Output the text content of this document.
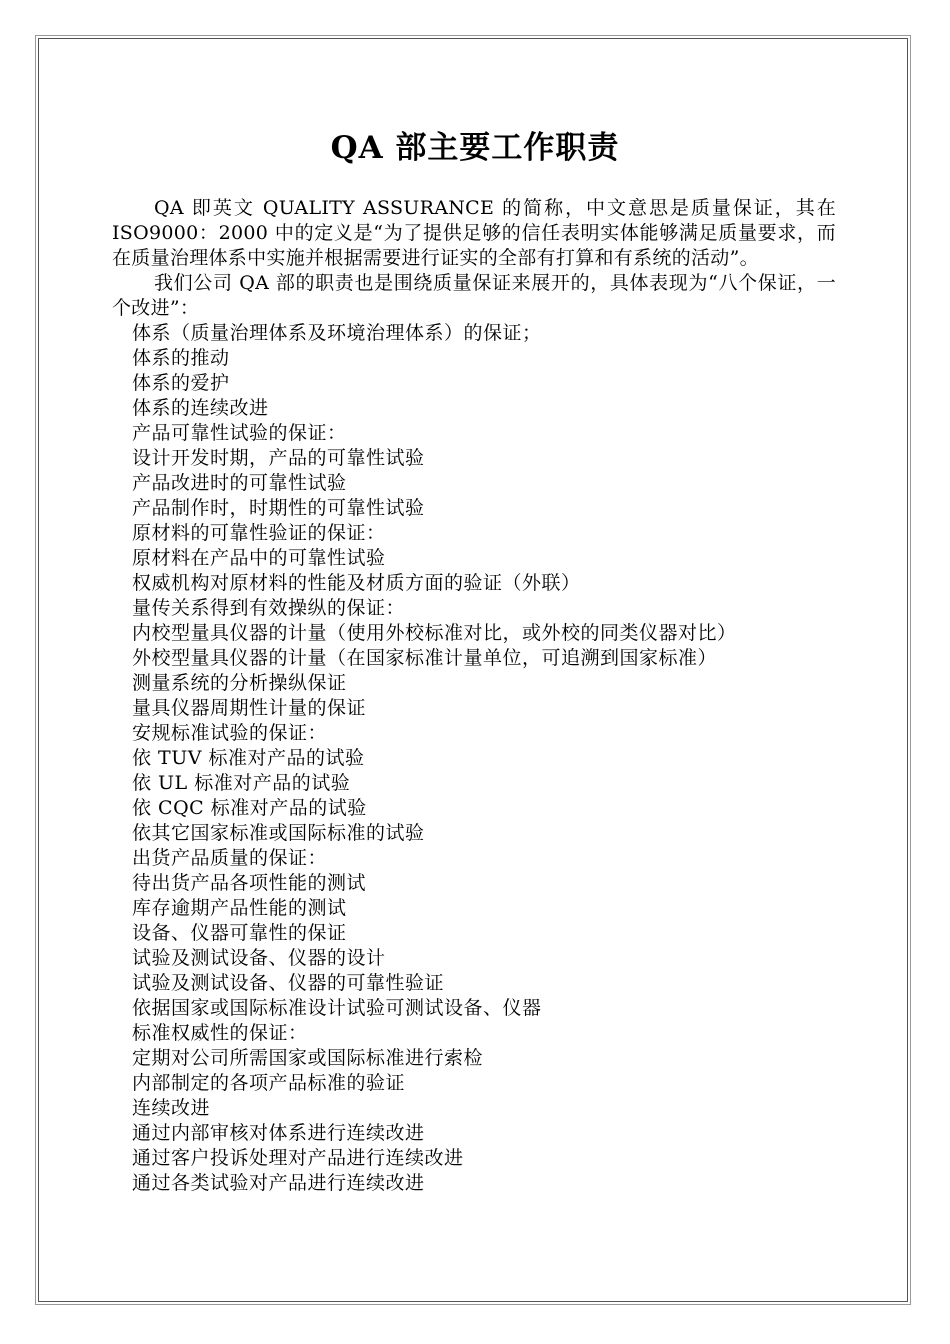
QA 部主要工作职责

QA 即英文 QUALITY ASSURANCE 的简称，中文意思是质量保证，其在 ISO9000：2000 中的定义是“为了提供足够的信任表明实体能够满足质量要求，而在质量治理体系中实施并根据需要进行证实的全部有打算和有系统的活动”。

我们公司 QA 部的职责也是围绕质量保证来展开的，具体表现为“八个保证，一个改进”：

体系（质量治理体系及环境治理体系）的保证；
体系的推动
体系的爱护
体系的连续改进
产品可靠性试验的保证：
设计开发时期，产品的可靠性试验
产品改进时的可靠性试验
产品制作时，时期性的可靠性试验
原材料的可靠性验证的保证：
原材料在产品中的可靠性试验
权威机构对原材料的性能及材质方面的验证（外联）
量传关系得到有效操纵的保证：
内校型量具仪器的计量（使用外校标准对比，或外校的同类仪器对比）
外校型量具仪器的计量（在国家标准计量单位，可追溯到国家标准）
测量系统的分析操纵保证
量具仪器周期性计量的保证
安规标准试验的保证：
依 TUV 标准对产品的试验
依 UL 标准对产品的试验
依 CQC 标准对产品的试验
依其它国家标准或国际标准的试验
出货产品质量的保证：
待出货产品各项性能的测试
库存逾期产品性能的测试
设备、仪器可靠性的保证
试验及测试设备、仪器的设计
试验及测试设备、仪器的可靠性验证
依据国家或国际标准设计试验可测试设备、仪器
标准权威性的保证：
定期对公司所需国家或国际标准进行索检
内部制定的各项产品标准的验证
连续改进
通过内部审核对体系进行连续改进
通过客户投诉处理对产品进行连续改进
通过各类试验对产品进行连续改进
